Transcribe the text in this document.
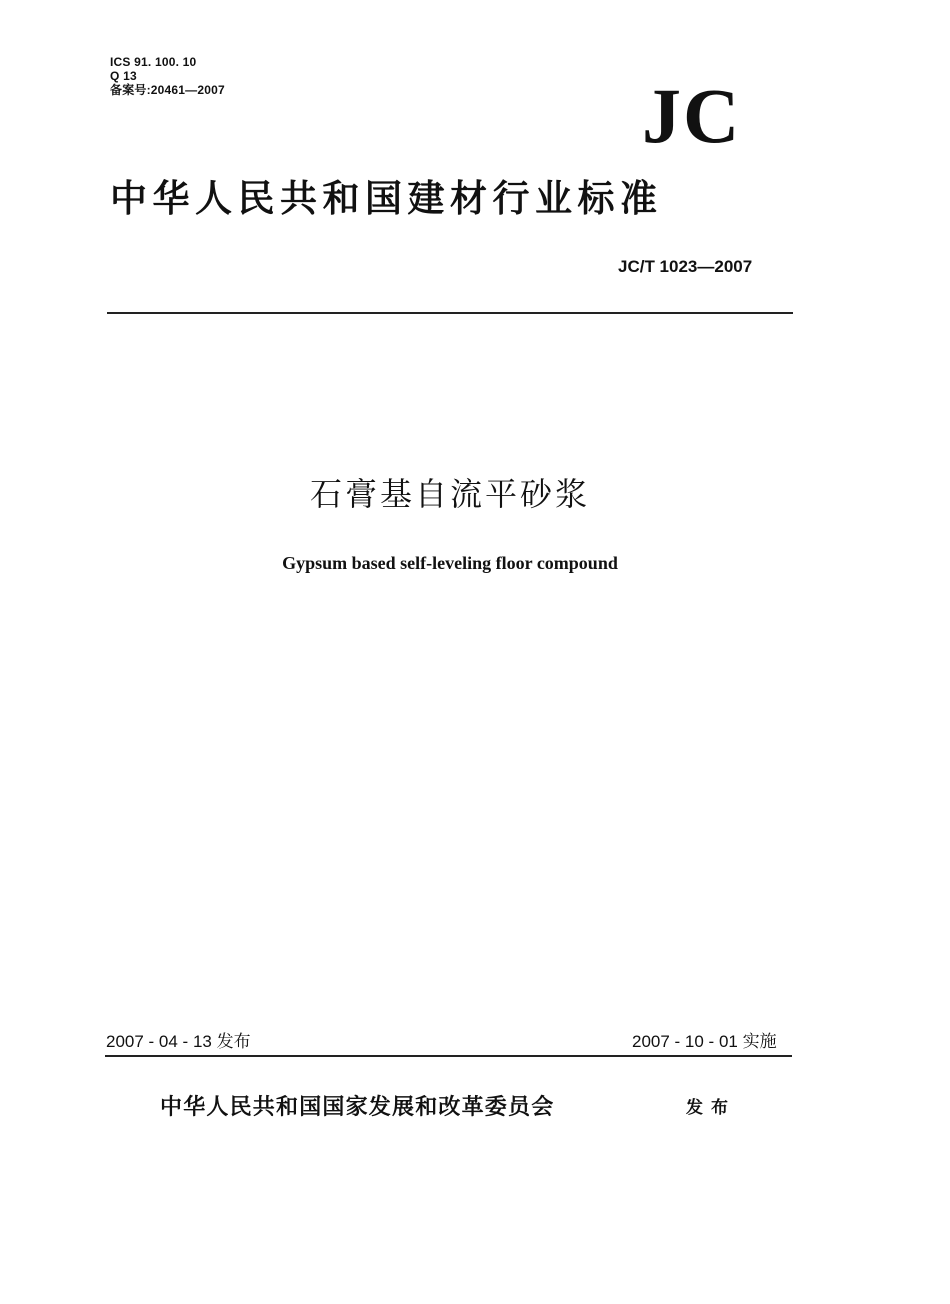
ICS 91. 100. 10
Q 13
备案号:20461—2007	JC
中华人民共和国建材行业标准
JC/T 1023—2007
石膏基自流平砂浆
Gypsum based self-leveling floor compound
2007 - 04 - 13 发布	2007 - 10 - 01 实施
中华人民共和国国家发展和改革委员会	发布
